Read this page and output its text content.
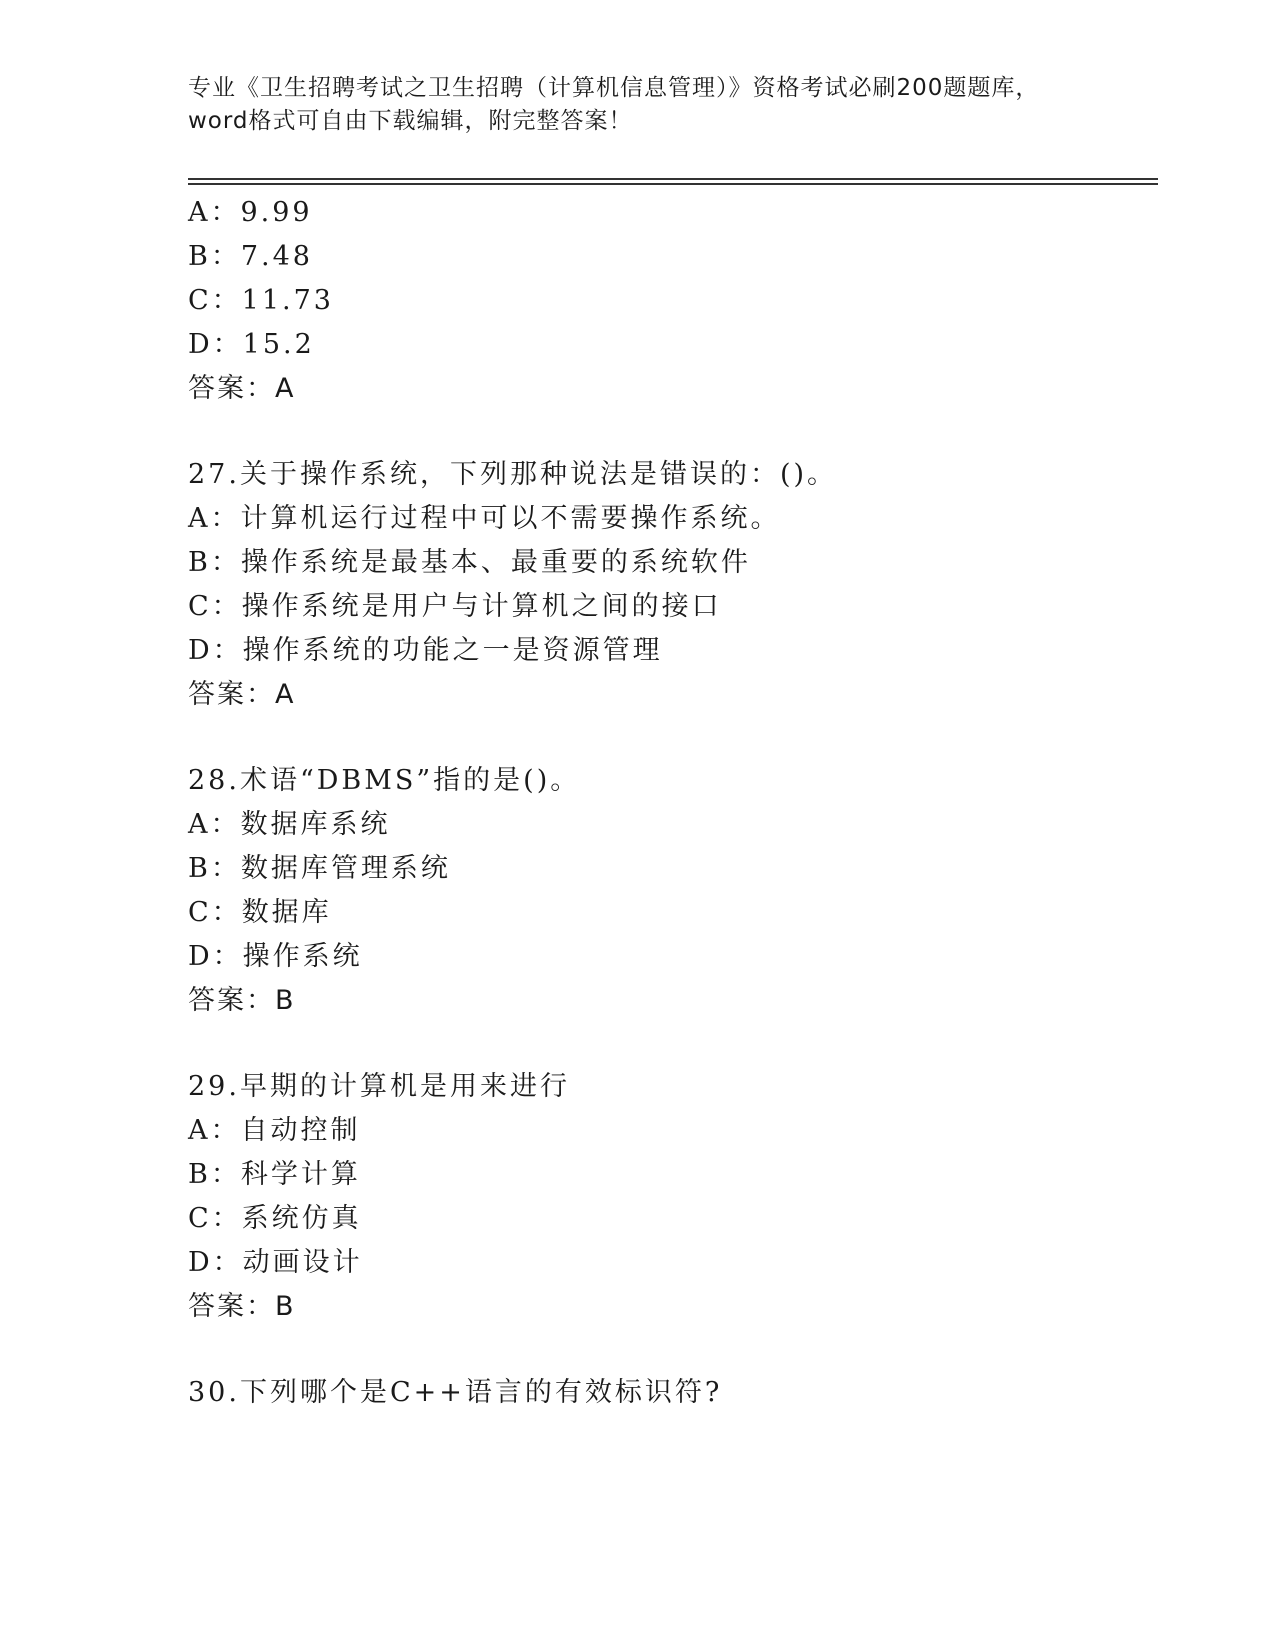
专业《卫生招聘考试之卫生招聘（计算机信息管理）》资格考试必刷200题题库，
word格式可自由下载编辑，附完整答案！
A：9.99
B：7.48
C：11.73
D：15.2
答案：A
27.关于操作系统，下列那种说法是错误的：()。
A：计算机运行过程中可以不需要操作系统。
B：操作系统是最基本、最重要的系统软件
C：操作系统是用户与计算机之间的接口
D：操作系统的功能之一是资源管理
答案：A
28.术语“DBMS”指的是()。
A：数据库系统
B：数据库管理系统
C：数据库
D：操作系统
答案：B
29.早期的计算机是用来进行
A：自动控制
B：科学计算
C：系统仿真
D：动画设计
答案：B
30.下列哪个是C++语言的有效标识符?
